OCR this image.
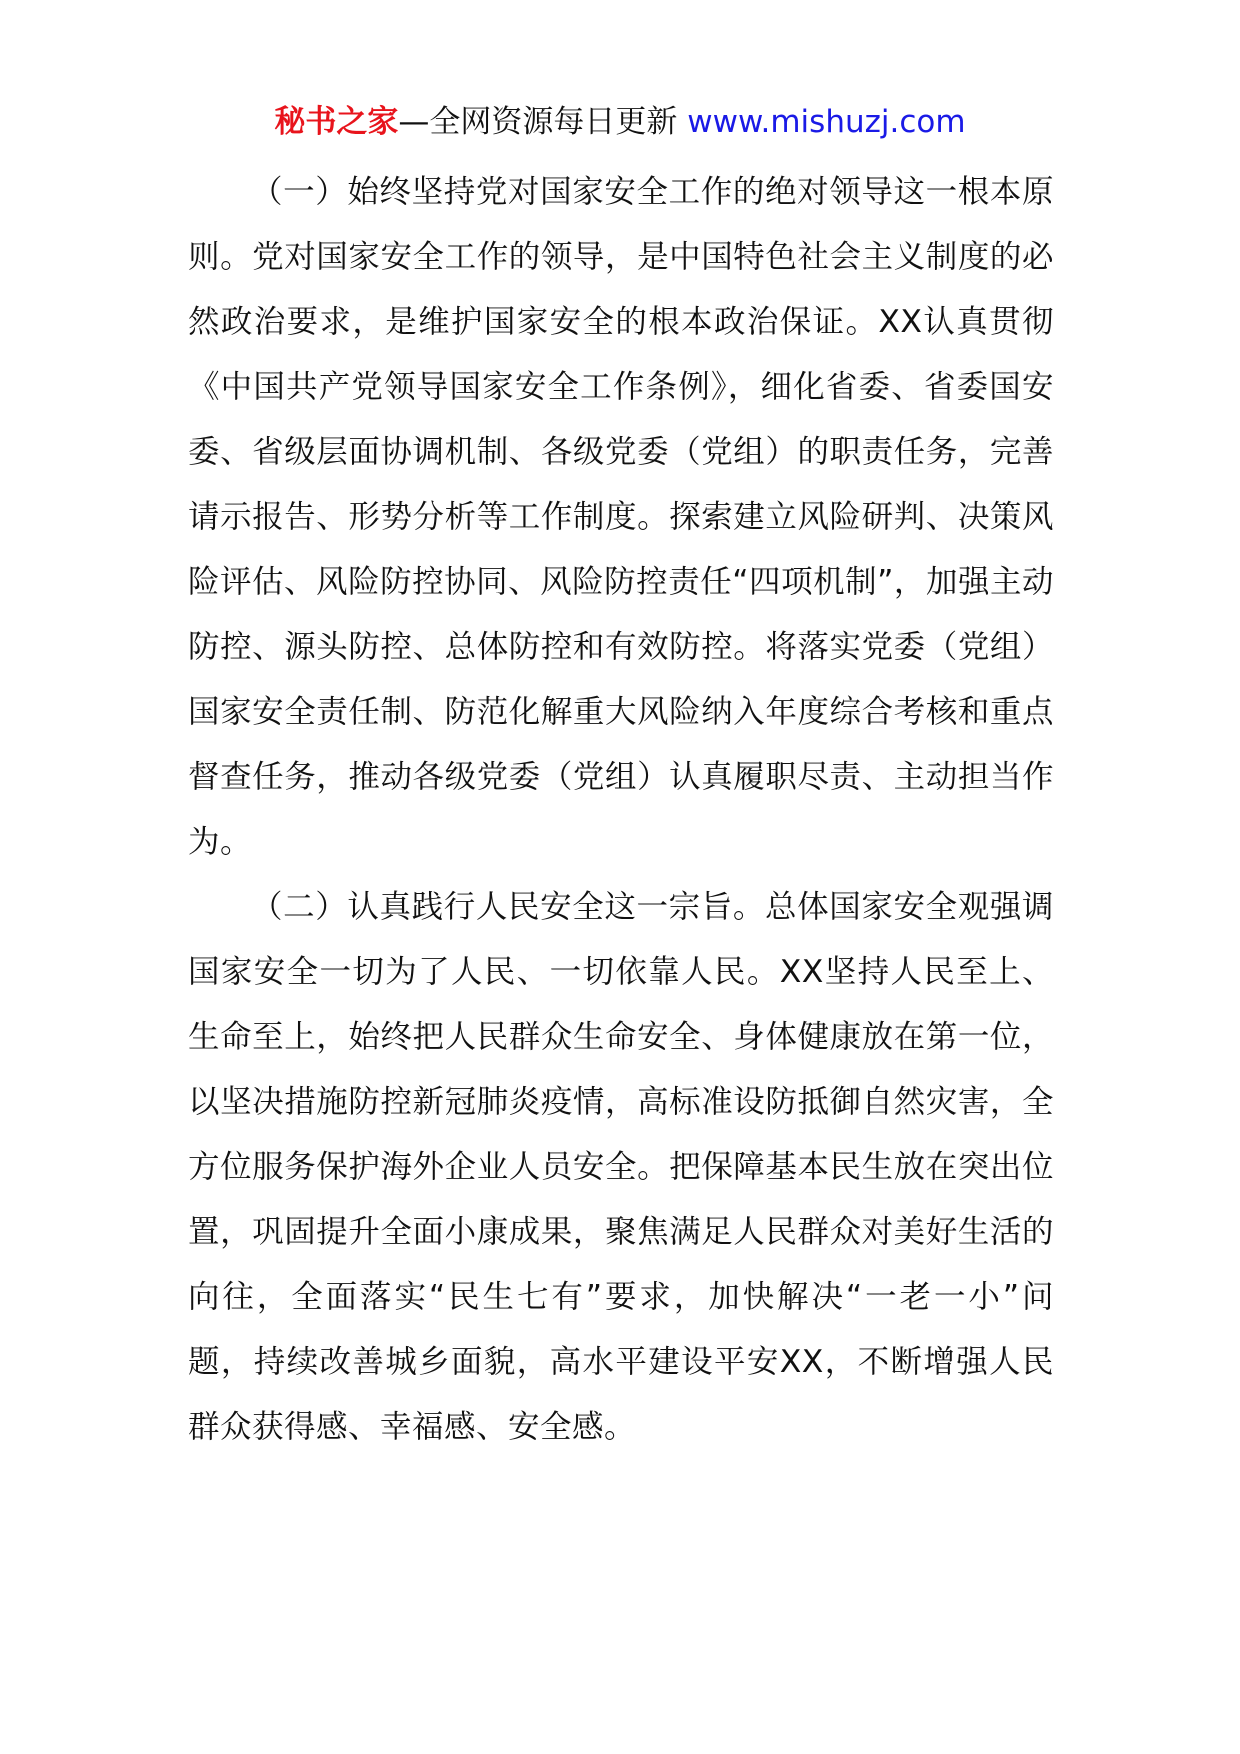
秘书之家—全网资源每日更新 www.mishuzj.com

（一）始终坚持党对国家安全工作的绝对领导这一根本原则。党对国家安全工作的领导，是中国特色社会主义制度的必然政治要求，是维护国家安全的根本政治保证。XX认真贯彻《中国共产党领导国家安全工作条例》，细化省委、省委国安委、省级层面协调机制、各级党委（党组）的职责任务，完善请示报告、形势分析等工作制度。探索建立风险研判、决策风险评估、风险防控协同、风险防控责任“四项机制”，加强主动防控、源头防控、总体防控和有效防控。将落实党委（党组）国家安全责任制、防范化解重大风险纳入年度综合考核和重点督查任务，推动各级党委（党组）认真履职尽责、主动担当作为。

（二）认真践行人民安全这一宗旨。总体国家安全观强调国家安全一切为了人民、一切依靠人民。XX坚持人民至上、生命至上，始终把人民群众生命安全、身体健康放在第一位，以坚决措施防控新冠肺炎疫情，高标准设防抵御自然灾害，全方位服务保护海外企业人员安全。把保障基本民生放在突出位置，巩固提升全面小康成果，聚焦满足人民群众对美好生活的向往，全面落实“民生七有”要求，加快解决“一老一小”问题，持续改善城乡面貌，高水平建设平安XX，不断增强人民群众获得感、幸福感、安全感。
